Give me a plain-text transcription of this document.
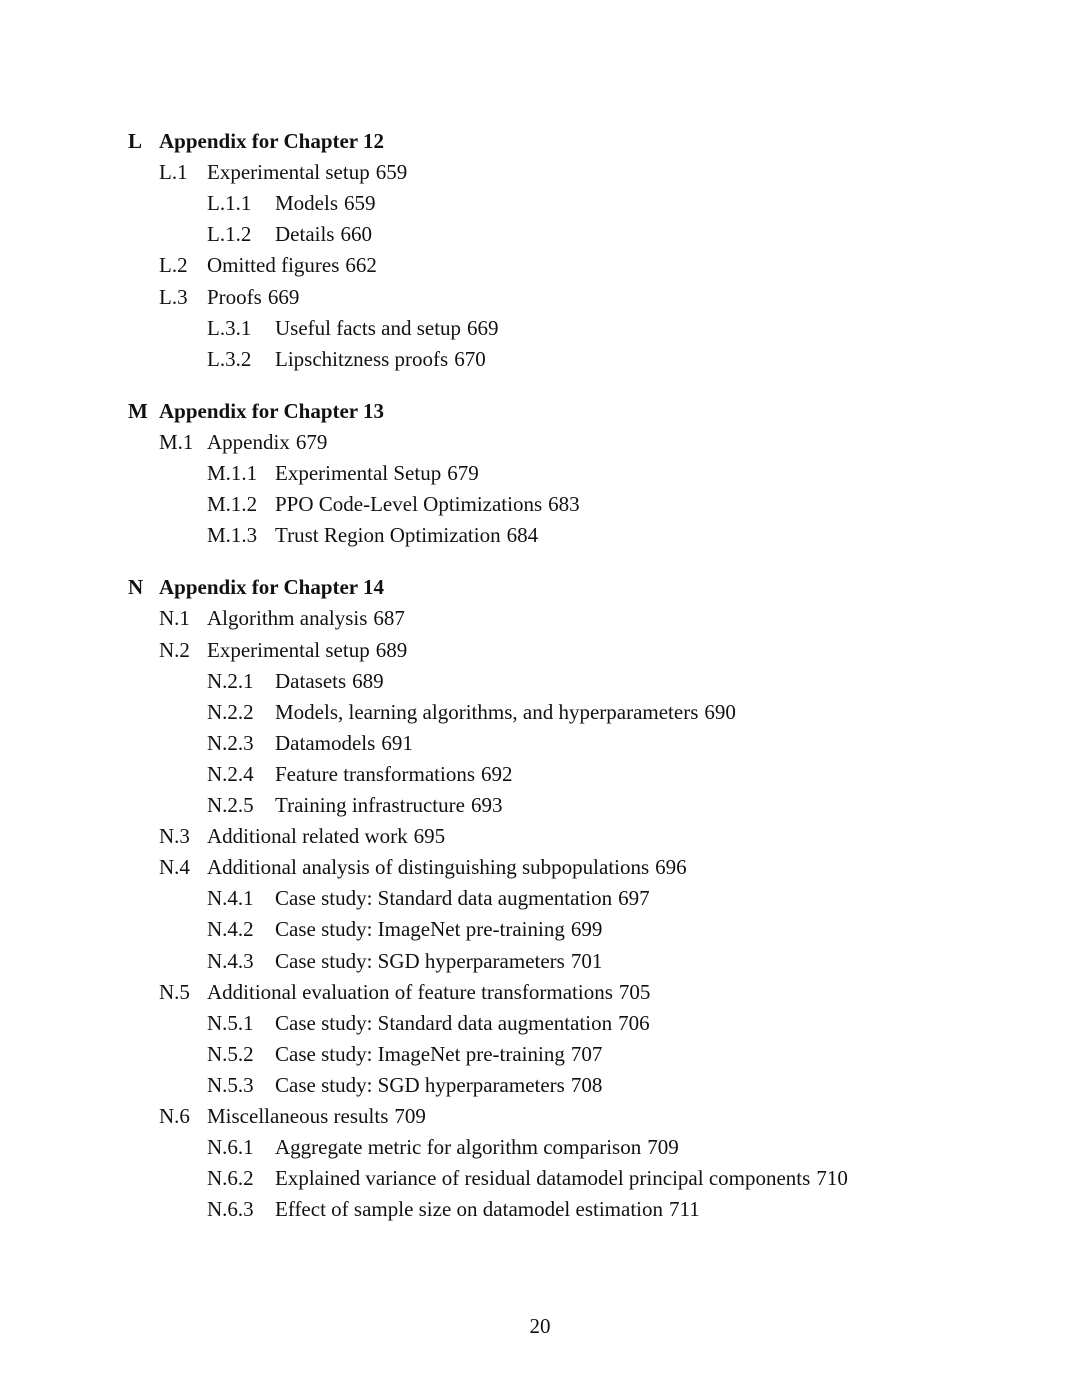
L Appendix for Chapter 12
L.1 Experimental setup 659
L.1.1 Models 659
L.1.2 Details 660
L.2 Omitted figures 662
L.3 Proofs 669
L.3.1 Useful facts and setup 669
L.3.2 Lipschitzness proofs 670
M Appendix for Chapter 13
M.1 Appendix 679
M.1.1 Experimental Setup 679
M.1.2 PPO Code-Level Optimizations 683
M.1.3 Trust Region Optimization 684
N Appendix for Chapter 14
N.1 Algorithm analysis 687
N.2 Experimental setup 689
N.2.1 Datasets 689
N.2.2 Models, learning algorithms, and hyperparameters 690
N.2.3 Datamodels 691
N.2.4 Feature transformations 692
N.2.5 Training infrastructure 693
N.3 Additional related work 695
N.4 Additional analysis of distinguishing subpopulations 696
N.4.1 Case study: Standard data augmentation 697
N.4.2 Case study: ImageNet pre-training 699
N.4.3 Case study: SGD hyperparameters 701
N.5 Additional evaluation of feature transformations 705
N.5.1 Case study: Standard data augmentation 706
N.5.2 Case study: ImageNet pre-training 707
N.5.3 Case study: SGD hyperparameters 708
N.6 Miscellaneous results 709
N.6.1 Aggregate metric for algorithm comparison 709
N.6.2 Explained variance of residual datamodel principal components 710
N.6.3 Effect of sample size on datamodel estimation 711
20
